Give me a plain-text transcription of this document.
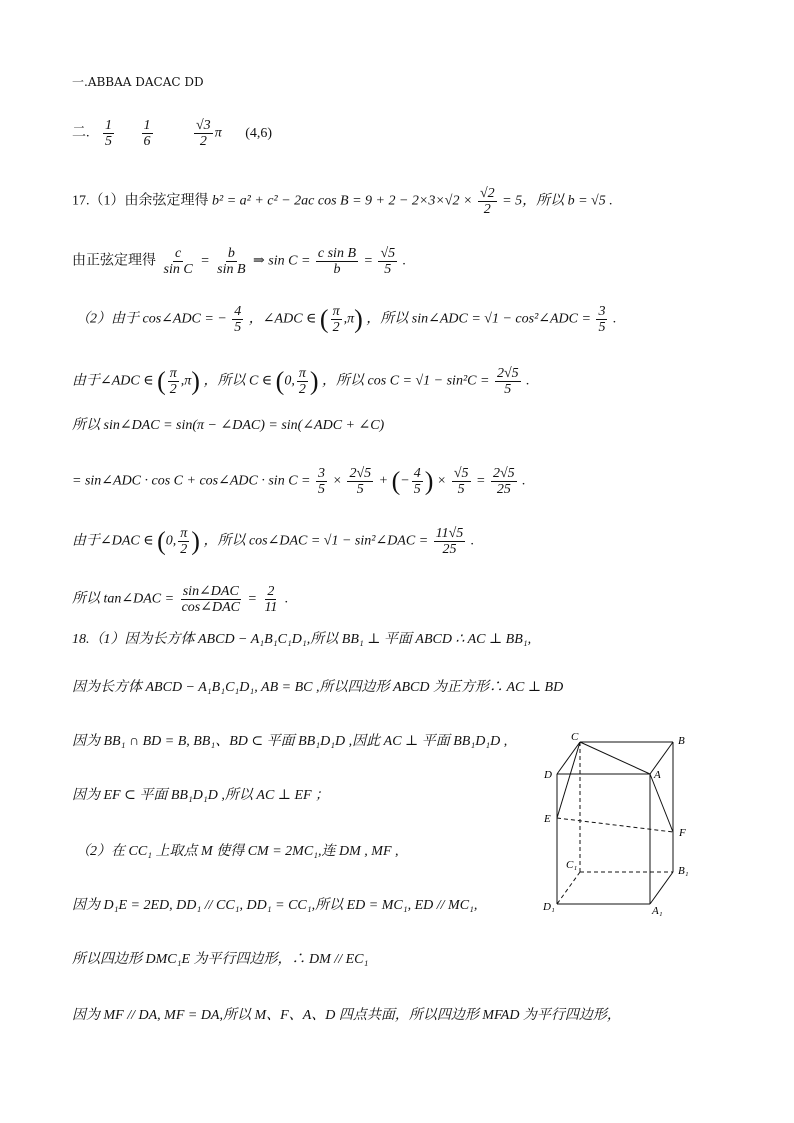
一.ABBAA DACAC DD
二. $\frac{1}{5}$
$\frac{1}{6}$
	$\frac{√3}{2}$ π (4,6)
17.（1）由余弦定理得 b² = a² + c² − 2ac $\cos B = 9 + 2 - 2\times 3\times√2 \times \frac{√2}{2} = 5$，所以 b = √5 .
由正弦定理得 $\frac{c}{\text{sin C}} = \frac{b}{\text{sin B}}$ ⇒ $\sin C = \frac{\text{c sin B}}{b} = \frac{√5}{5}$ .
（2）由于 cos∠ADC = − $\frac{4}{5}$ ，∠ADC ∈ ( $\frac{\pi}{2} ,\pi$) ，所以 sin∠ADC = √1 − cos²∠ADC = $\frac{3}{5}$ .
由于∠ADC ∈ ( $\frac{\pi}{2} ,\pi$) ，所以 C ∈ (0, $\frac{\pi}{2}$ ) ，所以 $\cos C = √1 - \sin^2C = \frac{2√5}{5}$ .
所以 sin∠DAC = sin(π − ∠DAC) = sin(∠ADC + ∠C)
= sin∠ADC · cos C + cos∠ADC · $\sin C = \frac{3}{5} \times \frac{2√5}{5}$ + (− $\frac{4}{5}$ ) × $\frac{√5}{5} = \frac{2√5}{25}$ .
由于∠DAC ∈ (0, $\frac{\pi}{2}$ ) ，所以 cos∠DAC = √1 − sin²∠DAC = $\frac{11√5}{25}$ .
所以 tan∠DAC = $\frac{\text{sin∠DAC}}{\text{cos∠DAC}} = \frac{2}{11}$ .
18.（1）因为长方体 ABCD − A₁B₁C₁D₁,所以 BB₁ ⊥ 平面 ABCD ∴ AC ⊥ BB₁,
因为长方体 ABCD − A₁B₁C₁D₁, AB = BC ,所以四边形 ABCD 为正方形∴ AC ⊥ BD
因为 BB₁ ∩ BD = B, BB₁、BD ⊂ 平面 BB₁D₁D ,因此 AC ⊥ 平面 BB₁D₁D ,
因为 EF ⊂ 平面 BB₁D₁D ,所以 AC ⊥ EF ；
（2）在 CC₁ 上取点 M 使得 CM = 2MC₁,连 DM , MF ,
因为 D₁E = 2ED, DD₁ // CC₁, DD₁ = CC₁,所以 ED = MC₁, ED // MC₁,
所以四边形 DMC₁E 为平行四边形，∴ DM // EC₁
因为 MF // DA, MF = DA,所以 M、F、A、D 四点共面，所以四边形 MFAD 为平行四边形，
C	B
D	A
E
F
C₁	B₁
D₁	A₁
